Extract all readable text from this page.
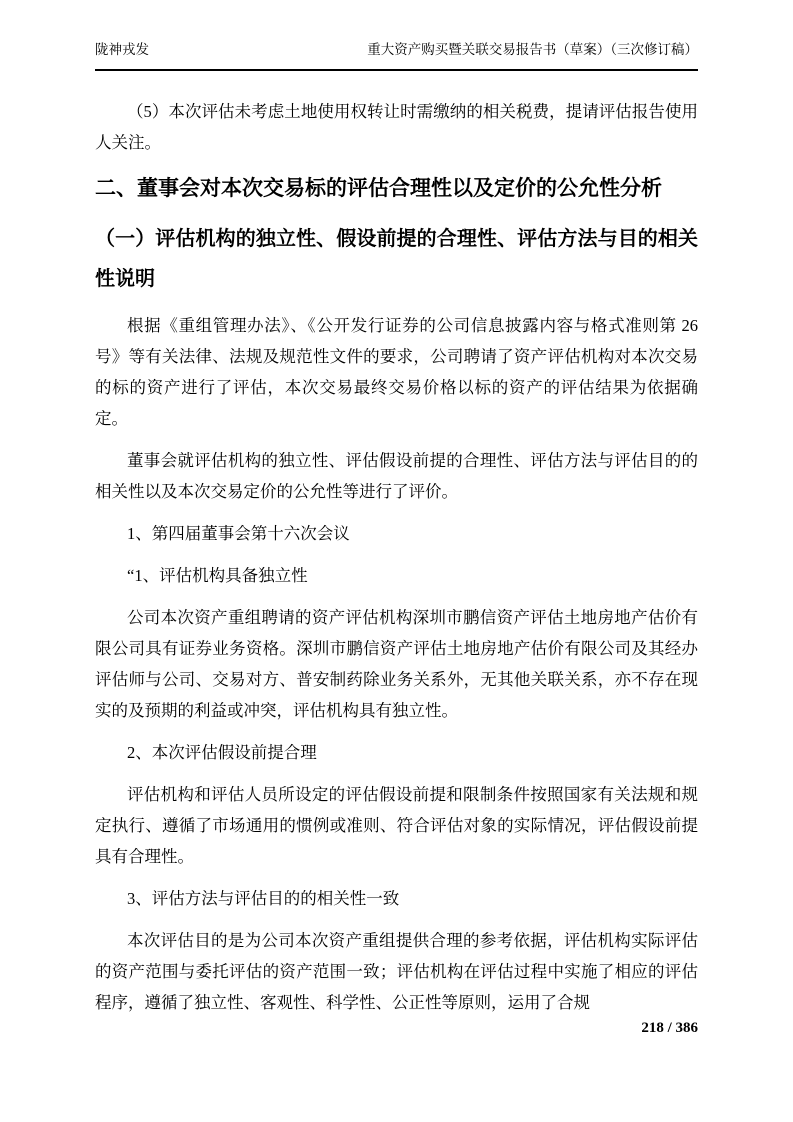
陇神戎发	重大资产购买暨关联交易报告书（草案）（三次修订稿）
（5）本次评估未考虑土地使用权转让时需缴纳的相关税费，提请评估报告使用人关注。
二、董事会对本次交易标的评估合理性以及定价的公允性分析
（一）评估机构的独立性、假设前提的合理性、评估方法与目的相关性说明
根据《重组管理办法》、《公开发行证券的公司信息披露内容与格式准则第 26 号》等有关法律、法规及规范性文件的要求，公司聘请了资产评估机构对本次交易的标的资产进行了评估，本次交易最终交易价格以标的资产的评估结果为依据确定。
董事会就评估机构的独立性、评估假设前提的合理性、评估方法与评估目的的相关性以及本次交易定价的公允性等进行了评价。
1、第四届董事会第十六次会议
“1、评估机构具备独立性
公司本次资产重组聘请的资产评估机构深圳市鹏信资产评估土地房地产估价有限公司具有证券业务资格。深圳市鹏信资产评估土地房地产估价有限公司及其经办评估师与公司、交易对方、普安制药除业务关系外，无其他关联关系，亦不存在现实的及预期的利益或冲突，评估机构具有独立性。
2、本次评估假设前提合理
评估机构和评估人员所设定的评估假设前提和限制条件按照国家有关法规和规定执行、遵循了市场通用的惯例或准则、符合评估对象的实际情况，评估假设前提具有合理性。
3、评估方法与评估目的的相关性一致
本次评估目的是为公司本次资产重组提供合理的参考依据，评估机构实际评估的资产范围与委托评估的资产范围一致；评估机构在评估过程中实施了相应的评估程序，遵循了独立性、客观性、科学性、公正性等原则，运用了合规
218 / 386
